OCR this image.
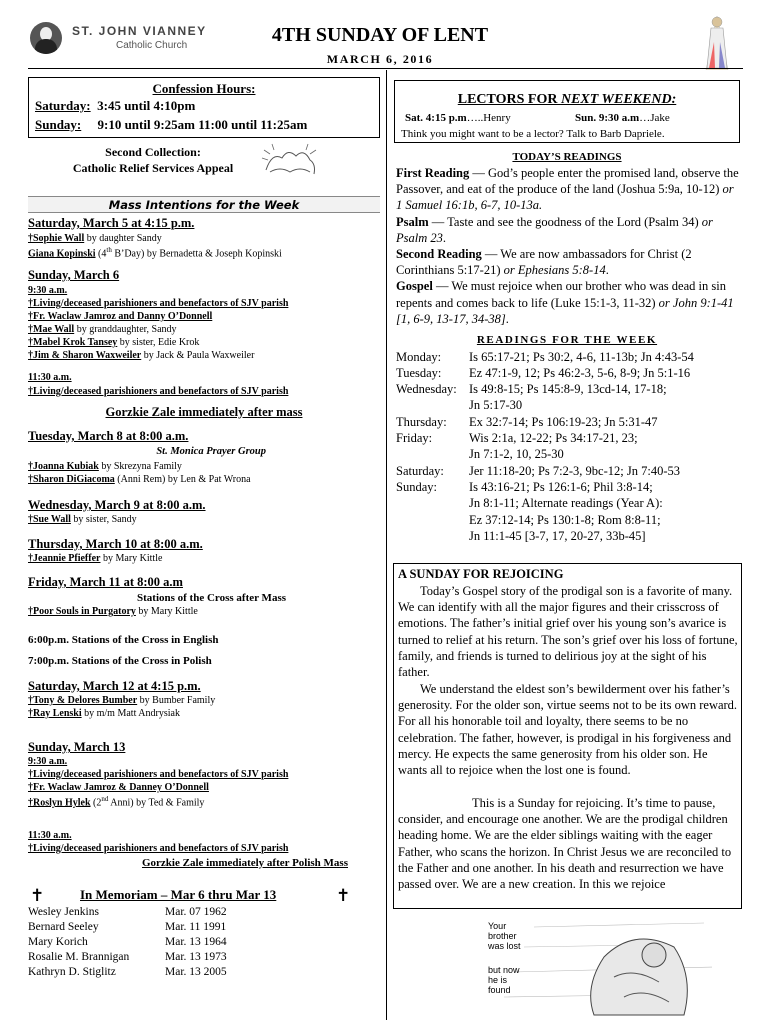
ST. JOHN VIANNEY
Catholic Church	4TH SUNDAY OF LENT
MARCH 6, 2016
Confession Hours:
Saturday: 3:45 until 4:10pm
Sunday: 9:10 until 9:25am 11:00 until 11:25am
Second Collection:
Catholic Relief Services Appeal
Mass Intentions for the Week
Saturday, March 5 at 4:15 p.m.
†Sophie Wall by daughter Sandy
Giana Kopinski (4th B’Day) by Bernadetta & Joseph Kopinski
Sunday, March 6
9:30 a.m.
†Living/deceased parishioners and benefactors of SJV parish
†Fr. Waclaw Jamroz and Danny O’Donnell
†Mae Wall by granddaughter, Sandy
†Mabel Krok Tansey by sister, Edie Krok
†Jim & Sharon Waxweiler by Jack & Paula Waxweiler
11:30 a.m.
†Living/deceased parishioners and benefactors of SJV parish
Gorzkie Zale immediately after mass
Tuesday, March 8 at 8:00 a.m.
St. Monica Prayer Group
†Joanna Kubiak by Skrezyna Family
†Sharon DiGiacoma (Anni Rem) by Len & Pat Wrona
Wednesday, March 9 at 8:00 a.m.
†Sue Wall by sister, Sandy
Thursday, March 10 at 8:00 a.m.
†Jeannie Pfieffer by Mary Kittle
Friday, March 11 at 8:00 a.m
Stations of the Cross after Mass
†Poor Souls in Purgatory by Mary Kittle
6:00p.m. Stations of the Cross in English
7:00p.m. Stations of the Cross in Polish
Saturday, March 12 at 4:15 p.m.
†Tony & Delores Bumber by Bumber Family
†Ray Lenski by m/m Matt Andrysiak
Sunday, March 13
9:30 a.m.
†Living/deceased parishioners and benefactors of SJV parish
†Fr. Waclaw Jamroz & Danney O’Donnell
†Roslyn Hylek (2nd Anni) by Ted & Family
11:30 a.m.
†Living/deceased parishioners and benefactors of SJV parish
Gorzkie Zale immediately after Polish Mass
✝	In Memoriam – Mar 6 thru Mar 13	✝
Wesley Jenkins	Mar. 07 1962
Bernard Seeley	Mar. 11 1991
Mary Korich	Mar. 13 1964
Rosalie M. Brannigan	Mar. 13 1973
Kathryn D. Stiglitz	Mar. 13 2005
LECTORS FOR NEXT WEEKEND:
Sat. 4:15 p.m…..Henry	Sun. 9:30 a.m…Jake
Think you might want to be a lector? Talk to Barb Dapriele.
TODAY’S READINGS
First Reading — God’s people enter the promised land, observe the Passover, and eat of the produce of the land (Joshua 5:9a, 10-12) or 1 Samuel 16:1b, 6-7, 10-13a.
Psalm — Taste and see the goodness of the Lord (Psalm 34) or Psalm 23.
Second Reading — We are now ambassadors for Christ (2 Corinthians 5:17-21) or Ephesians 5:8-14.
Gospel — We must rejoice when our brother who was dead in sin repents and comes back to life (Luke 15:1-3, 11-32) or John 9:1-41 [1, 6-9, 13-17, 34-38].
READINGS FOR THE WEEK
Monday: Is 65:17-21; Ps 30:2, 4-6, 11-13b; Jn 4:43-54
Tuesday: Ez 47:1-9, 12; Ps 46:2-3, 5-6, 8-9; Jn 5:1-16
Wednesday: Is 49:8-15; Ps 145:8-9, 13cd-14, 17-18;
Jn 5:17-30
Thursday: Ex 32:7-14; Ps 106:19-23; Jn 5:31-47
Friday:	Wis 2:1a, 12-22; Ps 34:17-21, 23;
Jn 7:1-2, 10, 25-30
Saturday: Jer 11:18-20; Ps 7:2-3, 9bc-12; Jn 7:40-53
Sunday:	Is 43:16-21; Ps 126:1-6; Phil 3:8-14;
Jn 8:1-11; Alternate readings (Year A):
Ez 37:12-14; Ps 130:1-8; Rom 8:8-11;
Jn 11:1-45 [3-7, 17, 20-27, 33b-45]
A SUNDAY FOR REJOICING
Today’s Gospel story of the prodigal son is a favorite of many. We can identify with all the major figures and their crisscross of emotions. The father’s initial grief over his young son’s avarice is turned to relief at his return. The son’s grief over his loss of fortune, family, and friends is turned to delirious joy at the sight of his father.
We understand the eldest son’s bewilderment over his father’s generosity. For the older son, virtue seems not to be its own reward. For all his honorable toil and loyalty, there seems to be no celebration. The father, however, is prodigal in his forgiveness and mercy. He expects the same generosity from his older son. He wants all to rejoice when the lost one is found.
This is a Sunday for rejoicing. It’s time to pause, consider, and encourage one another. We are the prodigal children heading home. We are the elder siblings waiting with the eager Father, who scans the horizon. In Christ Jesus we are reconciled to the Father and one another. In his death and resurrection we have passed over. We are a new creation. In this we rejoice
Your
brother
was lost
but now
he is
found
